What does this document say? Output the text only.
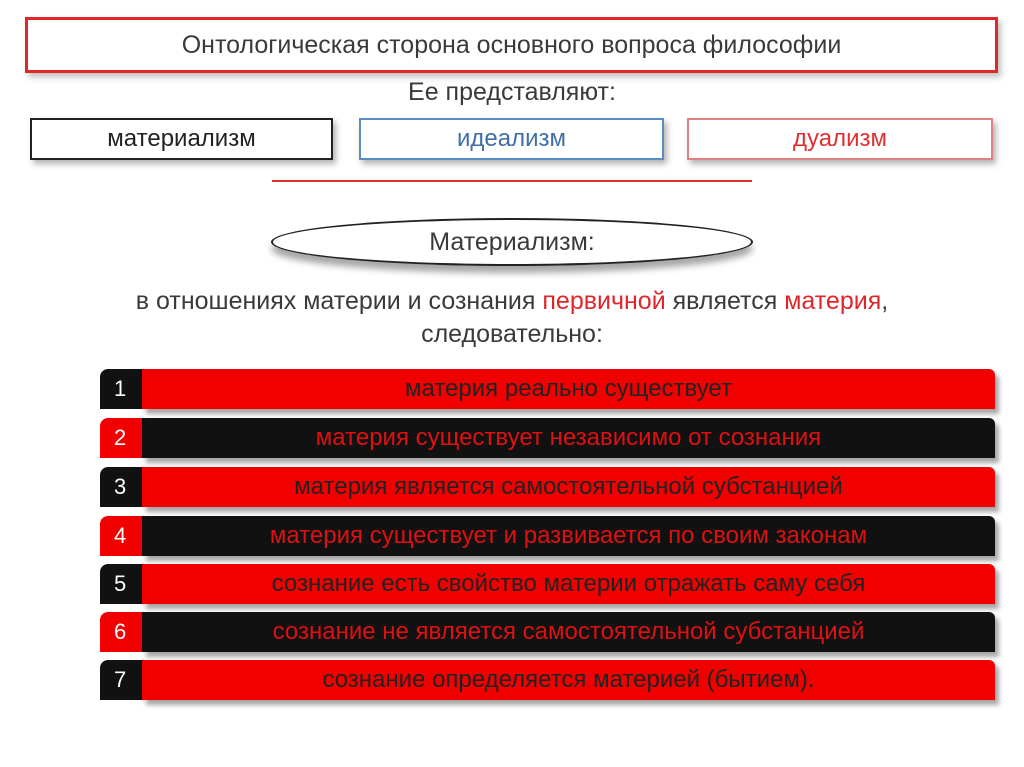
Онтологическая сторона основного вопроса философии
Ее представляют:
материализм	идеализм	дуализм
Материализм:
в отношениях материи и сознания первичной является материя,
следовательно:
1	материя реально существует
2	материя существует независимо от сознания
3	материя является самостоятельной субстанцией
4	материя существует и развивается по своим законам
5	сознание есть свойство материи отражать саму себя
6	сознание не является самостоятельной субстанцией
7	сознание определяется материей (бытием).
